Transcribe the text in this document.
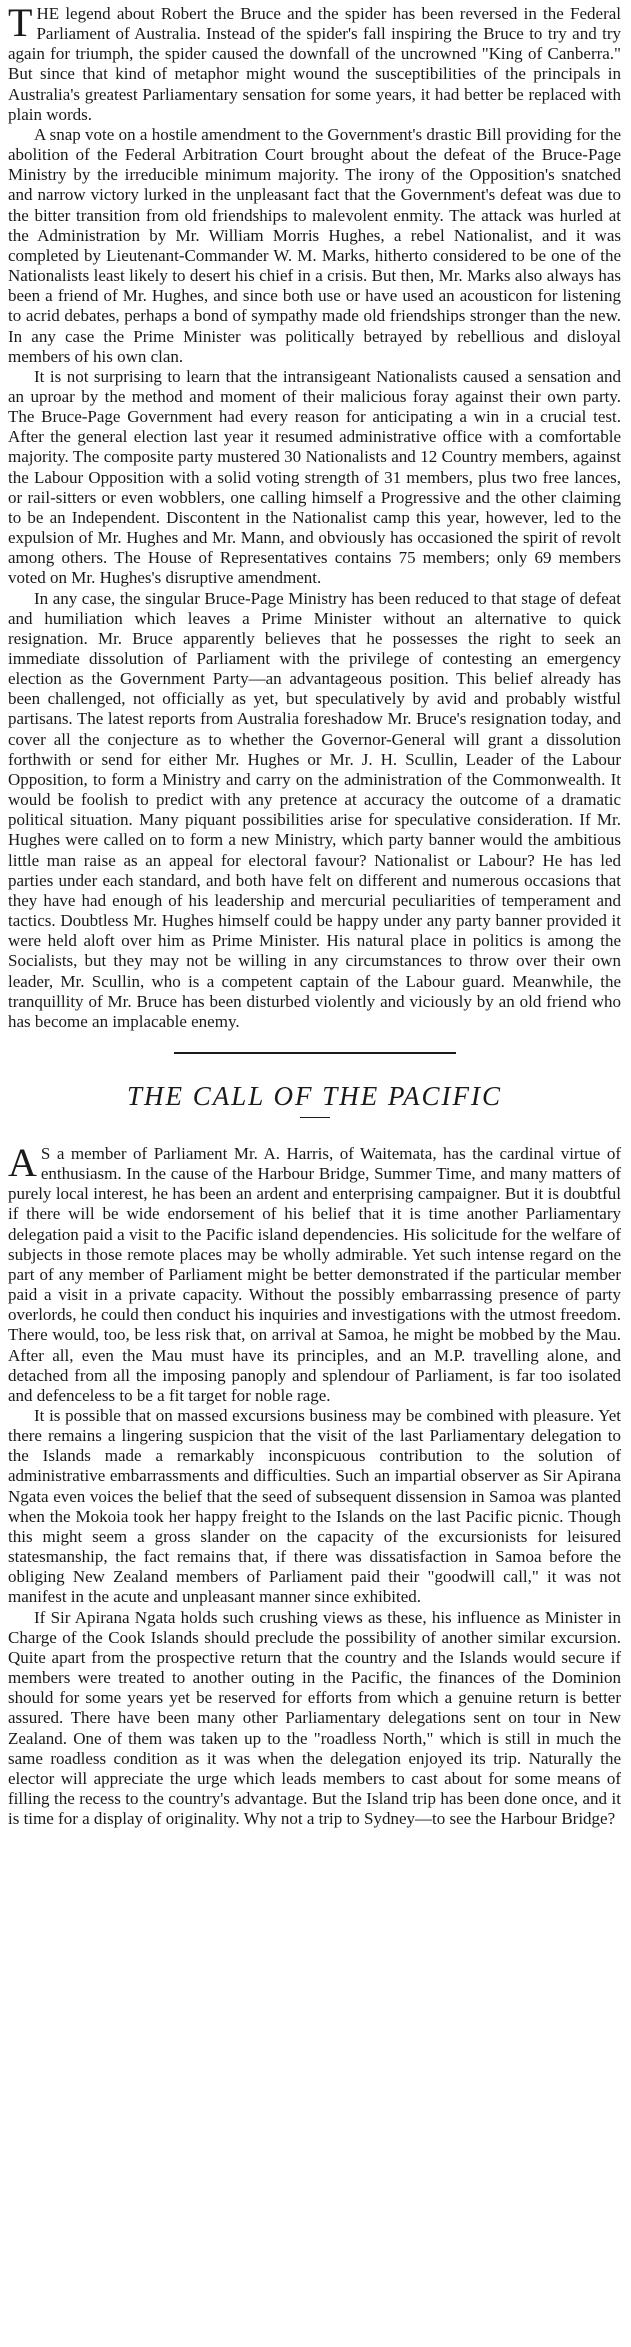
THE legend about Robert the Bruce and the spider has been reversed in the Federal Parliament of Australia. Instead of the spider's fall inspiring the Bruce to try and try again for triumph, the spider caused the downfall of the uncrowned "King of Canberra." But since that kind of metaphor might wound the susceptibilities of the principals in Australia's greatest Parliamentary sensation for some years, it had better be replaced with plain words.

A snap vote on a hostile amendment to the Government's drastic Bill providing for the abolition of the Federal Arbitration Court brought about the defeat of the Bruce-Page Ministry by the irreducible minimum majority. The irony of the Opposition's snatched and narrow victory lurked in the unpleasant fact that the Government's defeat was due to the bitter transition from old friendships to malevolent enmity. The attack was hurled at the Administration by Mr. William Morris Hughes, a rebel Nationalist, and it was completed by Lieutenant-Commander W. M. Marks, hitherto considered to be one of the Nationalists least likely to desert his chief in a crisis. But then, Mr. Marks also always has been a friend of Mr. Hughes, and since both use or have used an acousticon for listening to acrid debates, perhaps a bond of sympathy made old friendships stronger than the new. In any case the Prime Minister was politically betrayed by rebellious and disloyal members of his own clan.

It is not surprising to learn that the intransigeant Nationalists caused a sensation and an uproar by the method and moment of their malicious foray against their own party. The Bruce-Page Government had every reason for anticipating a win in a crucial test. After the general election last year it resumed administrative office with a comfortable majority. The composite party mustered 30 Nationalists and 12 Country members, against the Labour Opposition with a solid voting strength of 31 members, plus two free lances, or rail-sitters or even wobblers, one calling himself a Progressive and the other claiming to be an Independent. Discontent in the Nationalist camp this year, however, led to the expulsion of Mr. Hughes and Mr. Mann, and obviously has occasioned the spirit of revolt among others. The House of Representatives contains 75 members; only 69 members voted on Mr. Hughes's disruptive amendment.

In any case, the singular Bruce-Page Ministry has been reduced to that stage of defeat and humiliation which leaves a Prime Minister without an alternative to quick resignation. Mr. Bruce apparently believes that he possesses the right to seek an immediate dissolution of Parliament with the privilege of contesting an emergency election as the Government Party—an advantageous position. This belief already has been challenged, not officially as yet, but speculatively by avid and probably wistful partisans. The latest reports from Australia foreshadow Mr. Bruce's resignation today, and cover all the conjecture as to whether the Governor-General will grant a dissolution forthwith or send for either Mr. Hughes or Mr. J. H. Scullin, Leader of the Labour Opposition, to form a Ministry and carry on the administration of the Commonwealth. It would be foolish to predict with any pretence at accuracy the outcome of a dramatic political situation. Many piquant possibilities arise for speculative consideration. If Mr. Hughes were called on to form a new Ministry, which party banner would the ambitious little man raise as an appeal for electoral favour? Nationalist or Labour? He has led parties under each standard, and both have felt on different and numerous occasions that they have had enough of his leadership and mercurial peculiarities of temperament and tactics. Doubtless Mr. Hughes himself could be happy under any party banner provided it were held aloft over him as Prime Minister. His natural place in politics is among the Socialists, but they may not be willing in any circumstances to throw over their own leader, Mr. Scullin, who is a competent captain of the Labour guard. Meanwhile, the tranquillity of Mr. Bruce has been disturbed violently and viciously by an old friend who has become an implacable enemy.

THE CALL OF THE PACIFIC

A S a member of Parliament Mr. A. Harris, of Waitemata, has the cardinal virtue of enthusiasm. In the cause of the Harbour Bridge, Summer Time, and many matters of purely local interest, he has been an ardent and enterprising campaigner. But it is doubtful if there will be wide endorsement of his belief that it is time another Parliamentary delegation paid a visit to the Pacific island dependencies. His solicitude for the welfare of subjects in those remote places may be wholly admirable. Yet such intense regard on the part of any member of Parliament might be better demonstrated if the particular member paid a visit in a private capacity. Without the possibly embarrassing presence of party overlords, he could then conduct his inquiries and investigations with the utmost freedom. There would, too, be less risk that, on arrival at Samoa, he might be mobbed by the Mau. After all, even the Mau must have its principles, and an M.P. travelling alone, and detached from all the imposing panoply and splendour of Parliament, is far too isolated and defenceless to be a fit target for noble rage.

It is possible that on massed excursions business may be combined with pleasure. Yet there remains a lingering suspicion that the visit of the last Parliamentary delegation to the Islands made a remarkably inconspicuous contribution to the solution of administrative embarrassments and difficulties. Such an impartial observer as Sir Apirana Ngata even voices the belief that the seed of subsequent dissension in Samoa was planted when the Mokoia took her happy freight to the Islands on the last Pacific picnic. Though this might seem a gross slander on the capacity of the excursionists for leisured statesmanship, the fact remains that, if there was dissatisfaction in Samoa before the obliging New Zealand members of Parliament paid their "goodwill call," it was not manifest in the acute and unpleasant manner since exhibited.

If Sir Apirana Ngata holds such crushing views as these, his influence as Minister in Charge of the Cook Islands should preclude the possibility of another similar excursion. Quite apart from the prospective return that the country and the Islands would secure if members were treated to another outing in the Pacific, the finances of the Dominion should for some years yet be reserved for efforts from which a genuine return is better assured. There have been many other Parliamentary delegations sent on tour in New Zealand. One of them was taken up to the "roadless North," which is still in much the same roadless condition as it was when the delegation enjoyed its trip. Naturally the elector will appreciate the urge which leads members to cast about for some means of filling the recess to the country's advantage. But the Island trip has been done once, and it is time for a display of originality. Why not a trip to Sydney—to see the Harbour Bridge?
